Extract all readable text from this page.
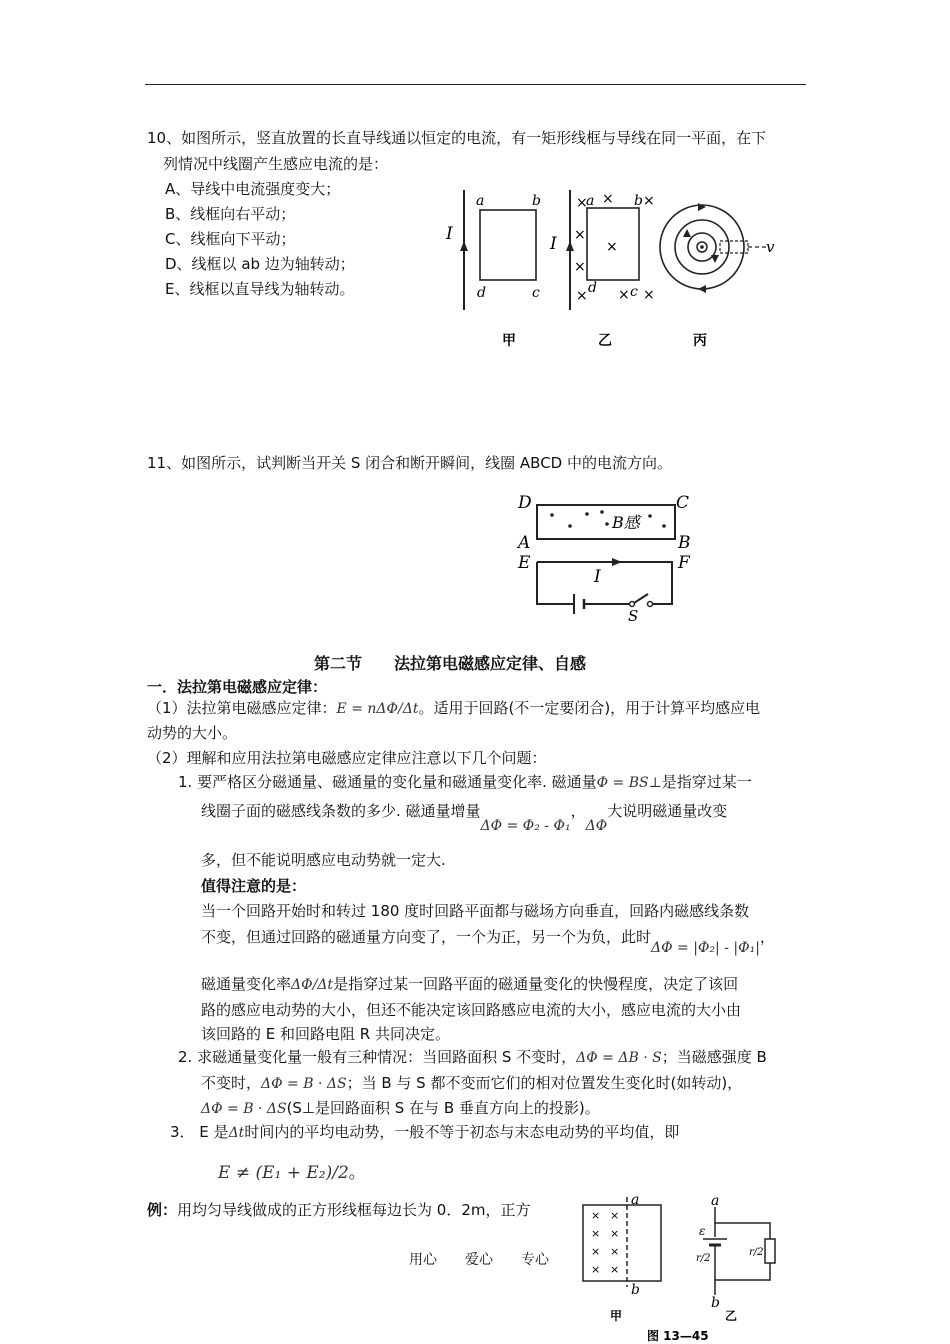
10、如图所示，竖直放置的长直导线通以恒定的电流，有一矩形线框与导线在同一平面，在下
列情况中线圈产生感应电流的是：
A、导线中电流强度变大；
B、线框向右平动；
C、线框向下平动；
D、线框以 ab 边为轴转动；
E、线框以直导线为轴转动。
I
a	b
c
d
甲
I
× × ×
×
×
×
× × ×
a	b
c
d
乙
v
丙
11、如图所示，试判断当开关 S 闭合和断开瞬间，线圈 ABCD 中的电流方向。
B感
D	C
A	B
E	F
I
S
第二节　　法拉第电磁感应定律、自感
一．法拉第电磁感应定律：
（1）法拉第电磁感应定律：E = nΔΦ/Δt。适用于回路(不一定要闭合)，用于计算平均感应电
动势的大小。
（2）理解和应用法拉第电磁感应定律应注意以下几个问题：
1. 要严格区分磁通量、磁通量的变化量和磁通量变化率. 磁通量Φ = BS⊥是指穿过某一
线圈子面的磁感线条数的多少. 磁通量增量ΔΦ = Φ₂ - Φ₁，ΔΦ大说明磁通量改变
多，但不能说明感应电动势就一定大.
值得注意的是：
当一个回路开始时和转过 180 度时回路平面都与磁场方向垂直，回路内磁感线条数
不变，但通过回路的磁通量方向变了，一个为正，另一个为负，此时ΔΦ = |Φ₂| - |Φ₁|，
磁通量变化率ΔΦ/Δt是指穿过某一回路平面的磁通量变化的快慢程度，决定了该回
路的感应电动势的大小，但还不能决定该回路感应电流的大小，感应电流的大小由
该回路的 E 和回路电阻 R 共同决定。
2. 求磁通量变化量一般有三种情况：当回路面积 S 不变时，ΔΦ = ΔB · S；当磁感强度 B
不变时，ΔΦ = B · ΔS；当 B 与 S 都不变而它们的相对位置发生变化时(如转动)，
ΔΦ = B · ΔS(S⊥是回路面积 S 在与 B 垂直方向上的投影)。
3． E 是Δt时间内的平均电动势，一般不等于初态与末态电动势的平均值，即
E ≠ (E₁ + E₂)/2。
例：用均匀导线做成的正方形线框每边长为 0．2m，正方
a
b
× ×
× ×
× ×
× ×
甲
a
b
ε
r/2
r/2
乙
图 13—45
用心　　爱心　　专心
